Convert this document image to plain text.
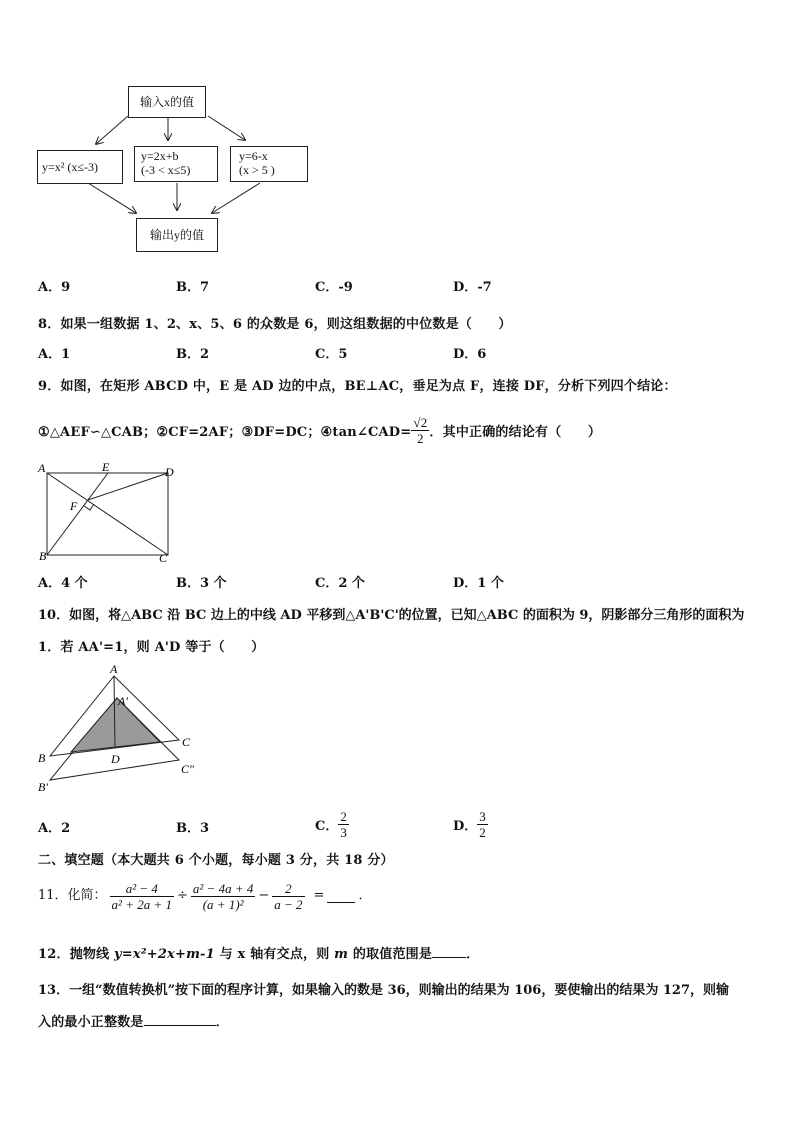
输入x的值
y=x² (x≤-3)
y=2x+b
(-3 < x≤5)
y=6-x
(x > 5 )
输出y的值
A．9	B．7	C．-9	D．-7
8．如果一组数据 1、2、x、5、6 的众数是 6，则这组数据的中位数是（　　）
A．1	B．2	C．5	D．6
9．如图，在矩形 ABCD 中，E 是 AD 边的中点，BE⊥AC，垂足为点 F，连接 DF，分析下列四个结论：
①△AEF∽△CAB；②CF=2AF；③DF=DC；④tan∠CAD= $\frac{√2}{2}$ ．其中正确的结论有（　　）
A	E	D
F
B	C
A．4 个	B．3 个	C．2 个	D．1 个
10．如图，将△ABC 沿 BC 边上的中线 AD 平移到△A'B'C'的位置，已知△ABC 的面积为 9，阴影部分三角形的面积为
1．若 AA'=1，则 A'D 等于（　　）
A
A′
B	D
C
B′
C″
A．2	B．3	C． $\frac{2}{3}$	D． $\frac{3}{2}$
二、填空题（本大题共 6 个小题，每小题 3 分，共 18 分）
11．化简： $\frac{\text{a² − 4}}{\text{a² + 2a + 1}} \div \frac{\text{a² − 4a + 4}}{\text{(a + 1)²}} - \frac{2}{a - 2}$ =	．
12．抛物线 y=x²+2x+m-1 与 x 轴有交点，则 m 的取值范围是	．
13．一组“数值转换机”按下面的程序计算，如果输入的数是 36，则输出的结果为 106，要使输出的结果为 127，则输
入的最小正整数是	．
